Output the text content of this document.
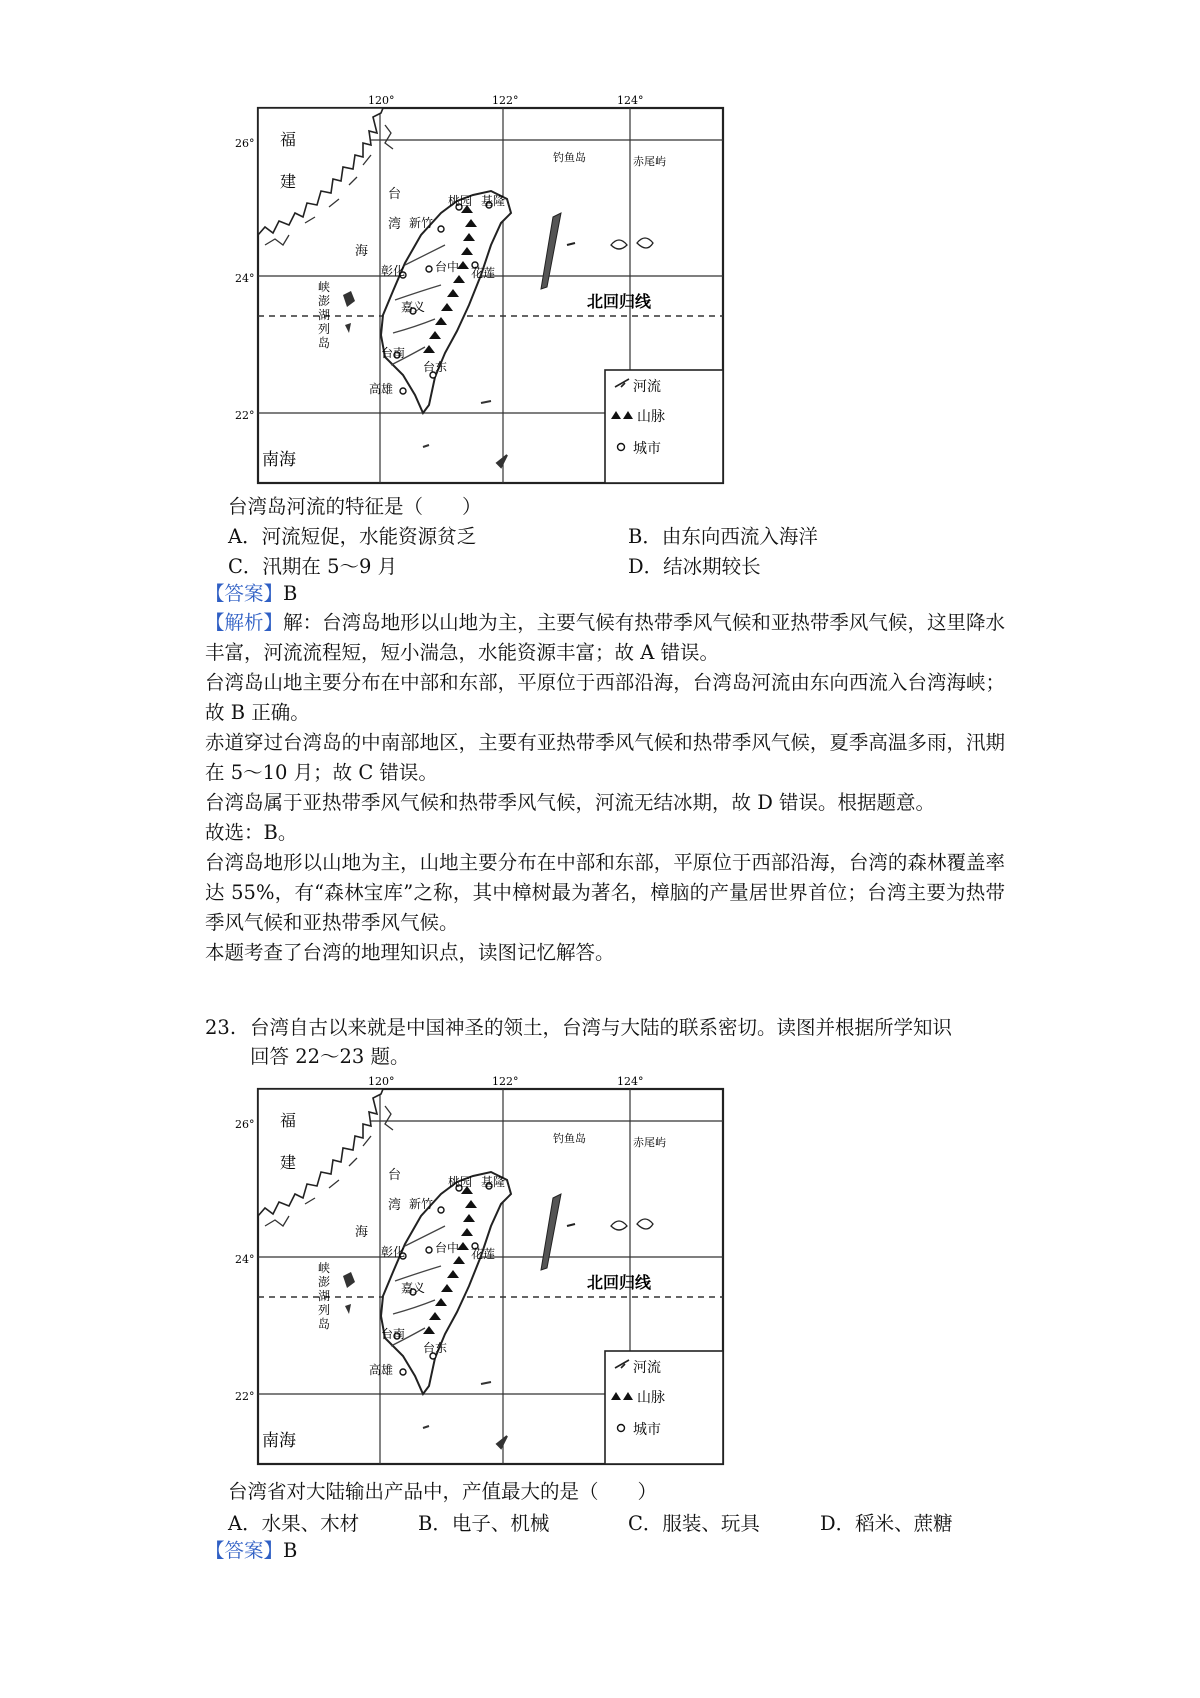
120°	122°	124°
26°
24°
22°
福
建
台
湾
海
峡
澎
湖
列
岛
南海
桃园 基隆
新竹
台中
彰化	花莲
嘉义
台南
台东
高雄
北回归线
钓鱼岛	赤尾屿
河流
山脉
城市
台湾岛河流的特征是（　　）
A．河流短促，水能资源贫乏	B．由东向西流入海洋
C．汛期在 5～9 月	D．结冰期较长
【答案】B
【解析】解：台湾岛地形以山地为主，主要气候有热带季风气候和亚热带季风气候，这里降水丰富，河流流程短，短小湍急，水能资源丰富；故 A 错误。
台湾岛山地主要分布在中部和东部，平原位于西部沿海，台湾岛河流由东向西流入台湾海峡；故 B 正确。
赤道穿过台湾岛的中南部地区，主要有亚热带季风气候和热带季风气候，夏季高温多雨，汛期在 5～10 月；故 C 错误。
台湾岛属于亚热带季风气候和热带季风气候，河流无结冰期，故 D 错误。根据题意。
故选：B。
台湾岛地形以山地为主，山地主要分布在中部和东部，平原位于西部沿海，台湾的森林覆盖率达 55%，有“森林宝库”之称，其中樟树最为著名，樟脑的产量居世界首位；台湾主要为热带季风气候和亚热带季风气候。
本题考查了台湾的地理知识点，读图记忆解答。
23. 台湾自古以来就是中国神圣的领土，台湾与大陆的联系密切。读图并根据所学知识
回答 22～23 题。
120°	122°	124°
26°
24°
22°
福
建
台
湾
海
峡
澎
湖
列
岛
南海
桃园 基隆
新竹
台中
彰化	花莲
嘉义
台南
台东
高雄
北回归线
钓鱼岛	赤尾屿
河流
山脉
城市
台湾省对大陆输出产品中，产值最大的是（　　）
A．水果、木材	B．电子、机械	C．服装、玩具	D．稻米、蔗糖
【答案】B
